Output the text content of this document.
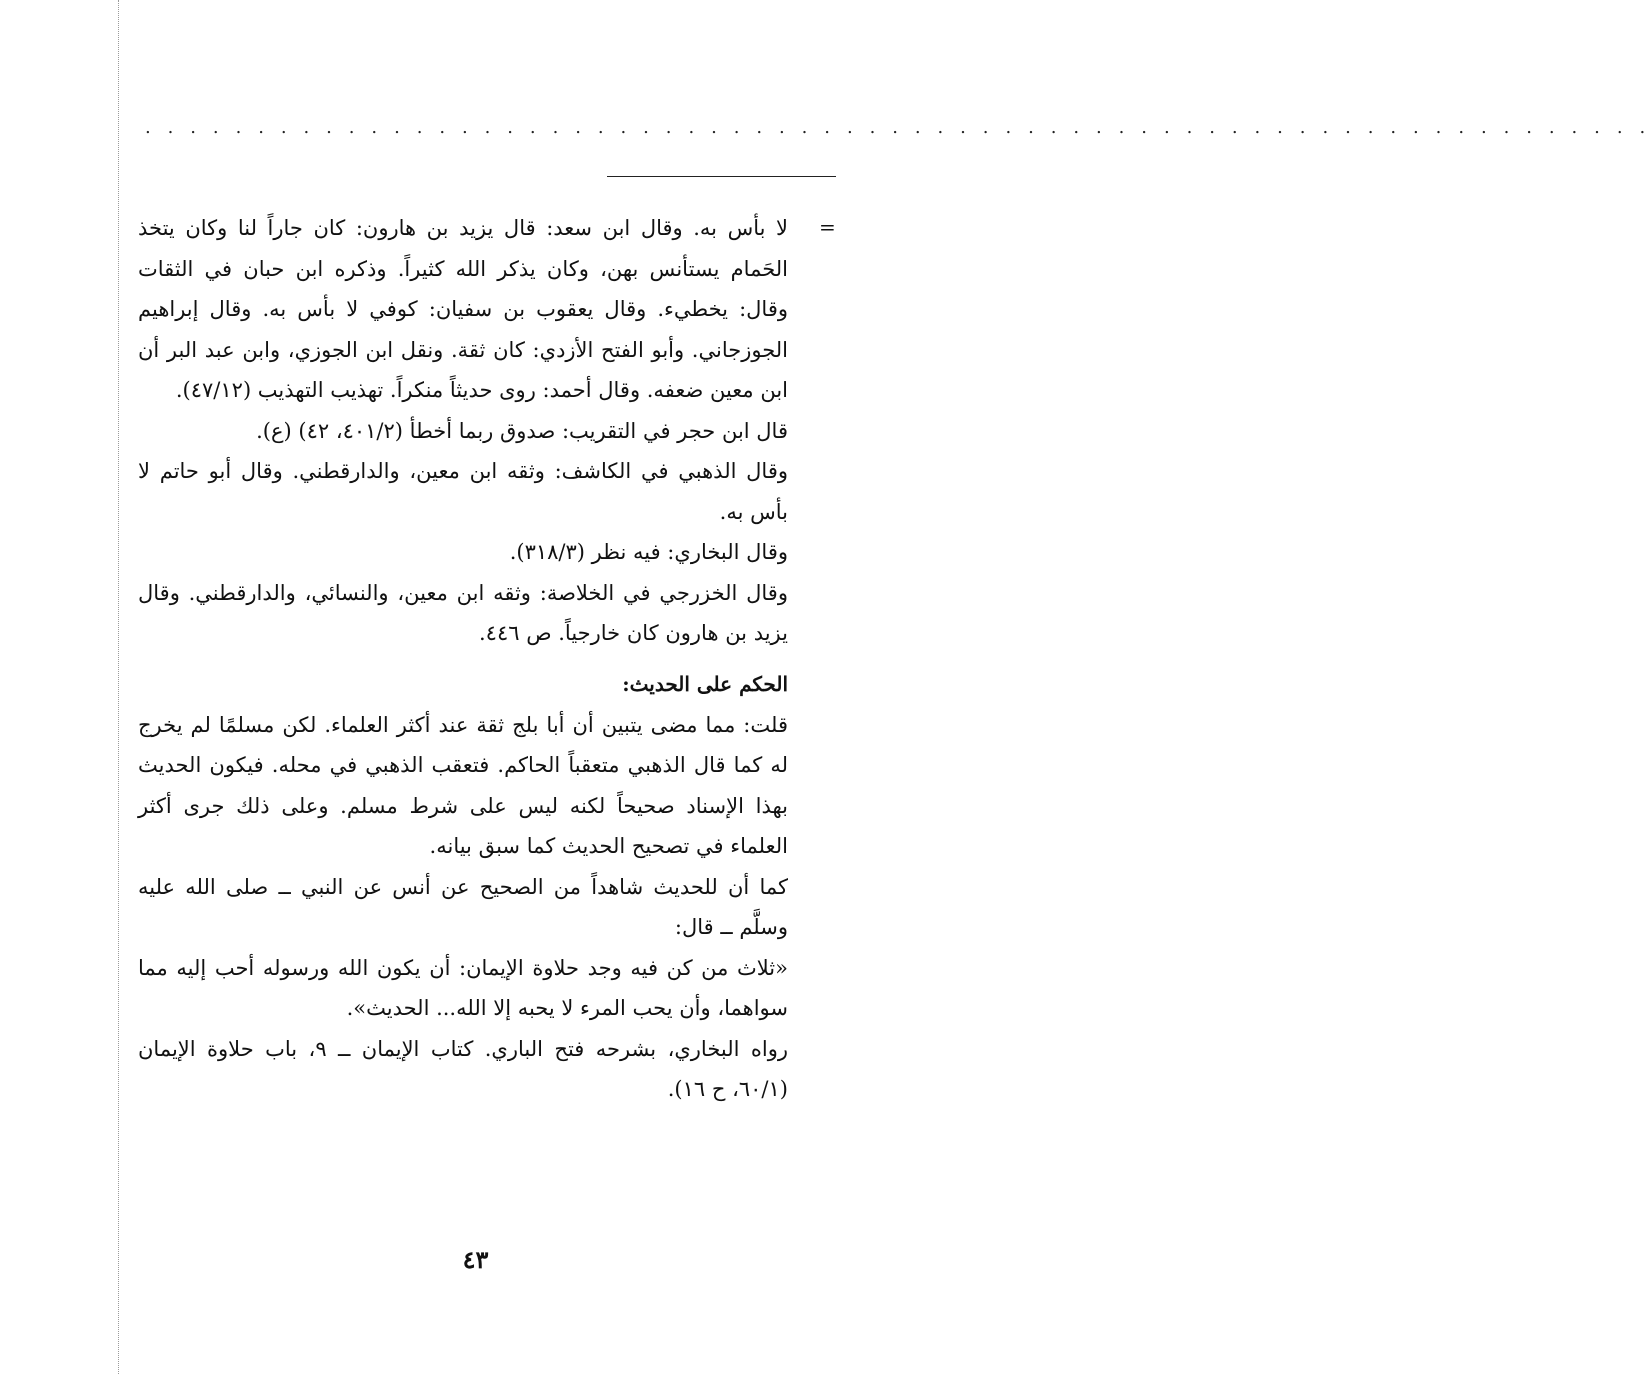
. . . . . . . . . . . . . . . . . . . . . . . . . . . . . . . . . . . . . . . . . . . . . . . . . . . . . . . . . . . . . . . . . . .
=

لا بأس به. وقال ابن سعد: قال يزيد بن هارون: كان جاراً لنا وكان يتخذ الحَمام يستأنس بهن، وكان يذكر الله كثيراً. وذكره ابن حبان في الثقات وقال: يخطيء. وقال يعقوب بن سفيان: كوفي لا بأس به. وقال إبراهيم الجوزجاني. وأبو الفتح الأزدي: كان ثقة. ونقل ابن الجوزي، وابن عبد البر أن ابن معين ضعفه. وقال أحمد: روى حديثاً منكراً. تهذيب التهذيب (٤٧/١٢).

قال ابن حجر في التقريب: صدوق ربما أخطأ (٤٠١/٢، ٤٢) (ع).

وقال الذهبي في الكاشف: وثقه ابن معين، والدارقطني. وقال أبو حاتم لا بأس به.

وقال البخاري: فيه نظر (٣١٨/٣).

وقال الخزرجي في الخلاصة: وثقه ابن معين، والنسائي، والدارقطني. وقال يزيد بن هارون كان خارجياً. ص ٤٤٦.

الحكم على الحديث:

قلت: مما مضى يتبين أن أبا بلج ثقة عند أكثر العلماء. لكن مسلمًا لم يخرج له كما قال الذهبي متعقباً الحاكم. فتعقب الذهبي في محله. فيكون الحديث بهذا الإسناد صحيحاً لكنه ليس على شرط مسلم. وعلى ذلك جرى أكثر العلماء في تصحيح الحديث كما سبق بيانه.

كما أن للحديث شاهداً من الصحيح عن أنس عن النبي ــ صلى الله عليه وسلَّم ــ قال:

«ثلاث من كن فيه وجد حلاوة الإيمان: أن يكون الله ورسوله أحب إليه مما سواهما، وأن يحب المرء لا يحبه إلا الله... الحديث».

رواه البخاري، بشرحه فتح الباري. كتاب الإيمان ــ ٩، باب حلاوة الإيمان (٦٠/١، ح ١٦).

٤٣
